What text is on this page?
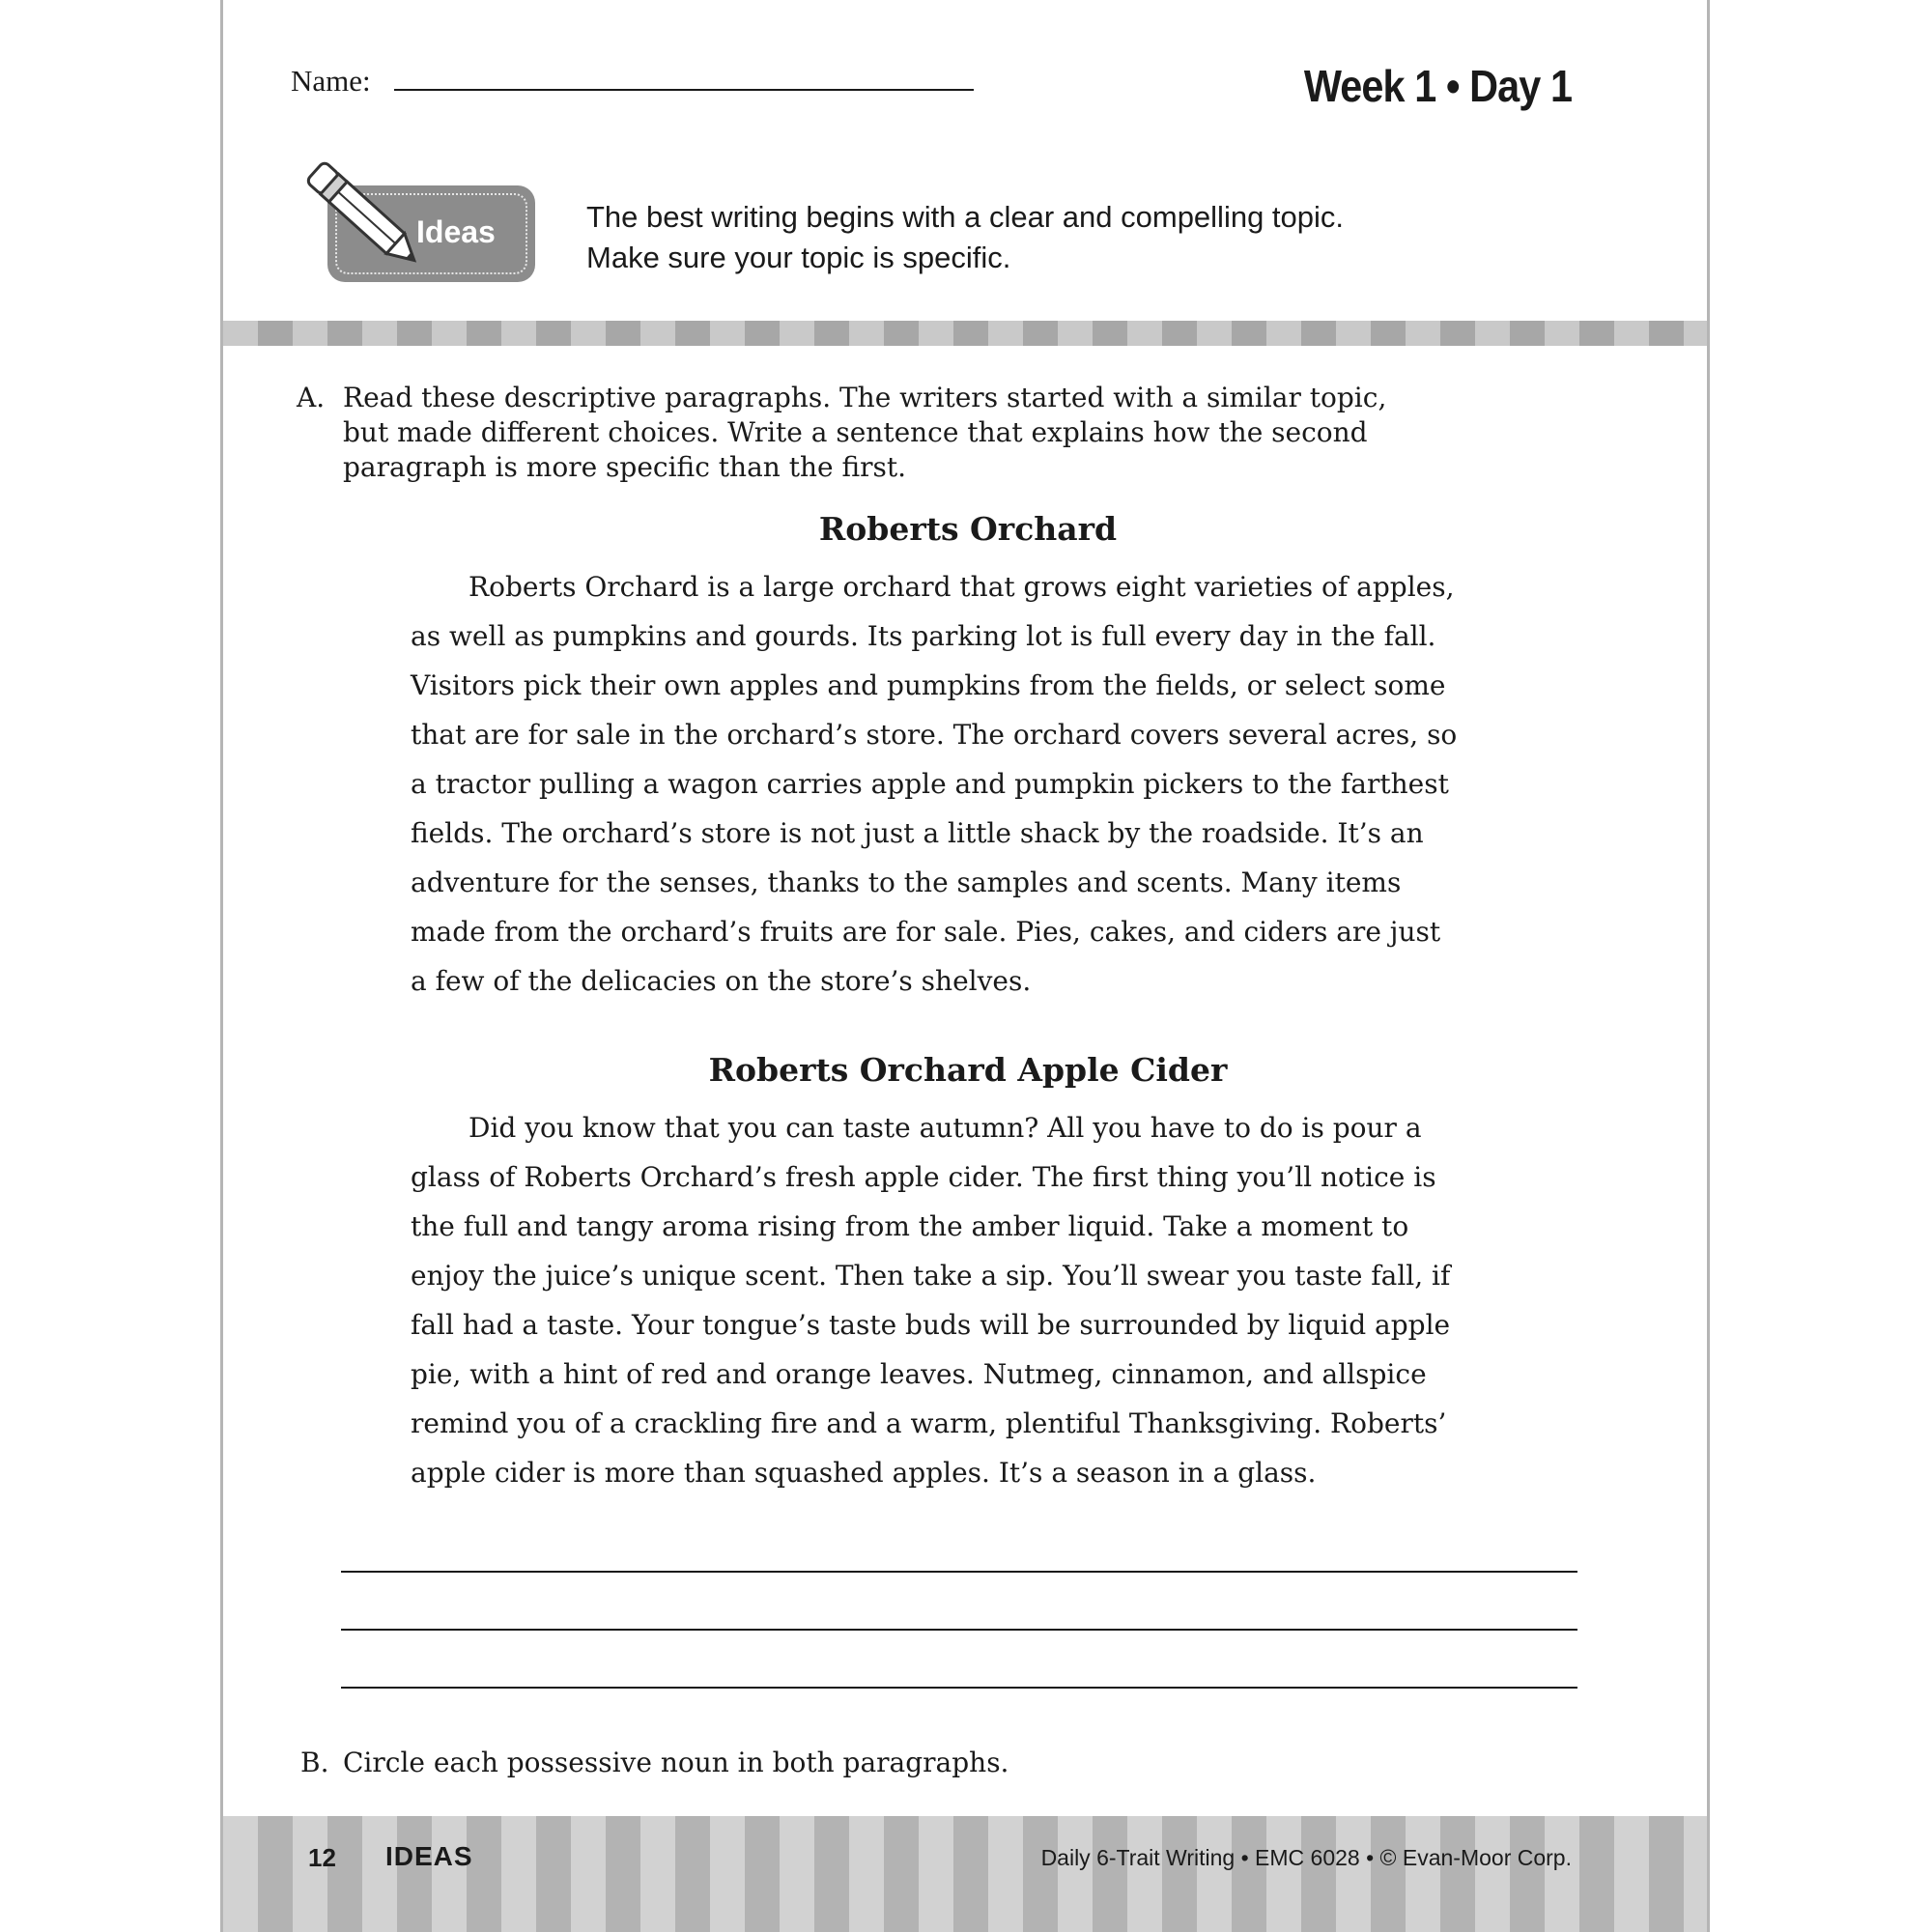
Name:	Week 1 • Day 1
Ideas	The best writing begins with a clear and compelling topic.
Make sure your topic is specific.
A. Read these descriptive paragraphs. The writers started with a similar topic, but made different choices. Write a sentence that explains how the second paragraph is more specific than the first.
Roberts Orchard

Roberts Orchard is a large orchard that grows eight varieties of apples, as well as pumpkins and gourds. Its parking lot is full every day in the fall. Visitors pick their own apples and pumpkins from the fields, or select some that are for sale in the orchard’s store. The orchard covers several acres, so a tractor pulling a wagon carries apple and pumpkin pickers to the farthest fields. The orchard’s store is not just a little shack by the roadside. It’s an adventure for the senses, thanks to the samples and scents. Many items made from the orchard’s fruits are for sale. Pies, cakes, and ciders are just a few of the delicacies on the store’s shelves.

Roberts Orchard Apple Cider

Did you know that you can taste autumn? All you have to do is pour a glass of Roberts Orchard’s fresh apple cider. The first thing you’ll notice is the full and tangy aroma rising from the amber liquid. Take a moment to enjoy the juice’s unique scent. Then take a sip. You’ll swear you taste fall, if fall had a taste. Your tongue’s taste buds will be surrounded by liquid apple pie, with a hint of red and orange leaves. Nutmeg, cinnamon, and allspice remind you of a crackling fire and a warm, plentiful Thanksgiving. Roberts’ apple cider is more than squashed apples. It’s a season in a glass.

B. Circle each possessive noun in both paragraphs.
12 IDEAS	Daily 6-Trait Writing • EMC 6028 • © Evan-Moor Corp.
